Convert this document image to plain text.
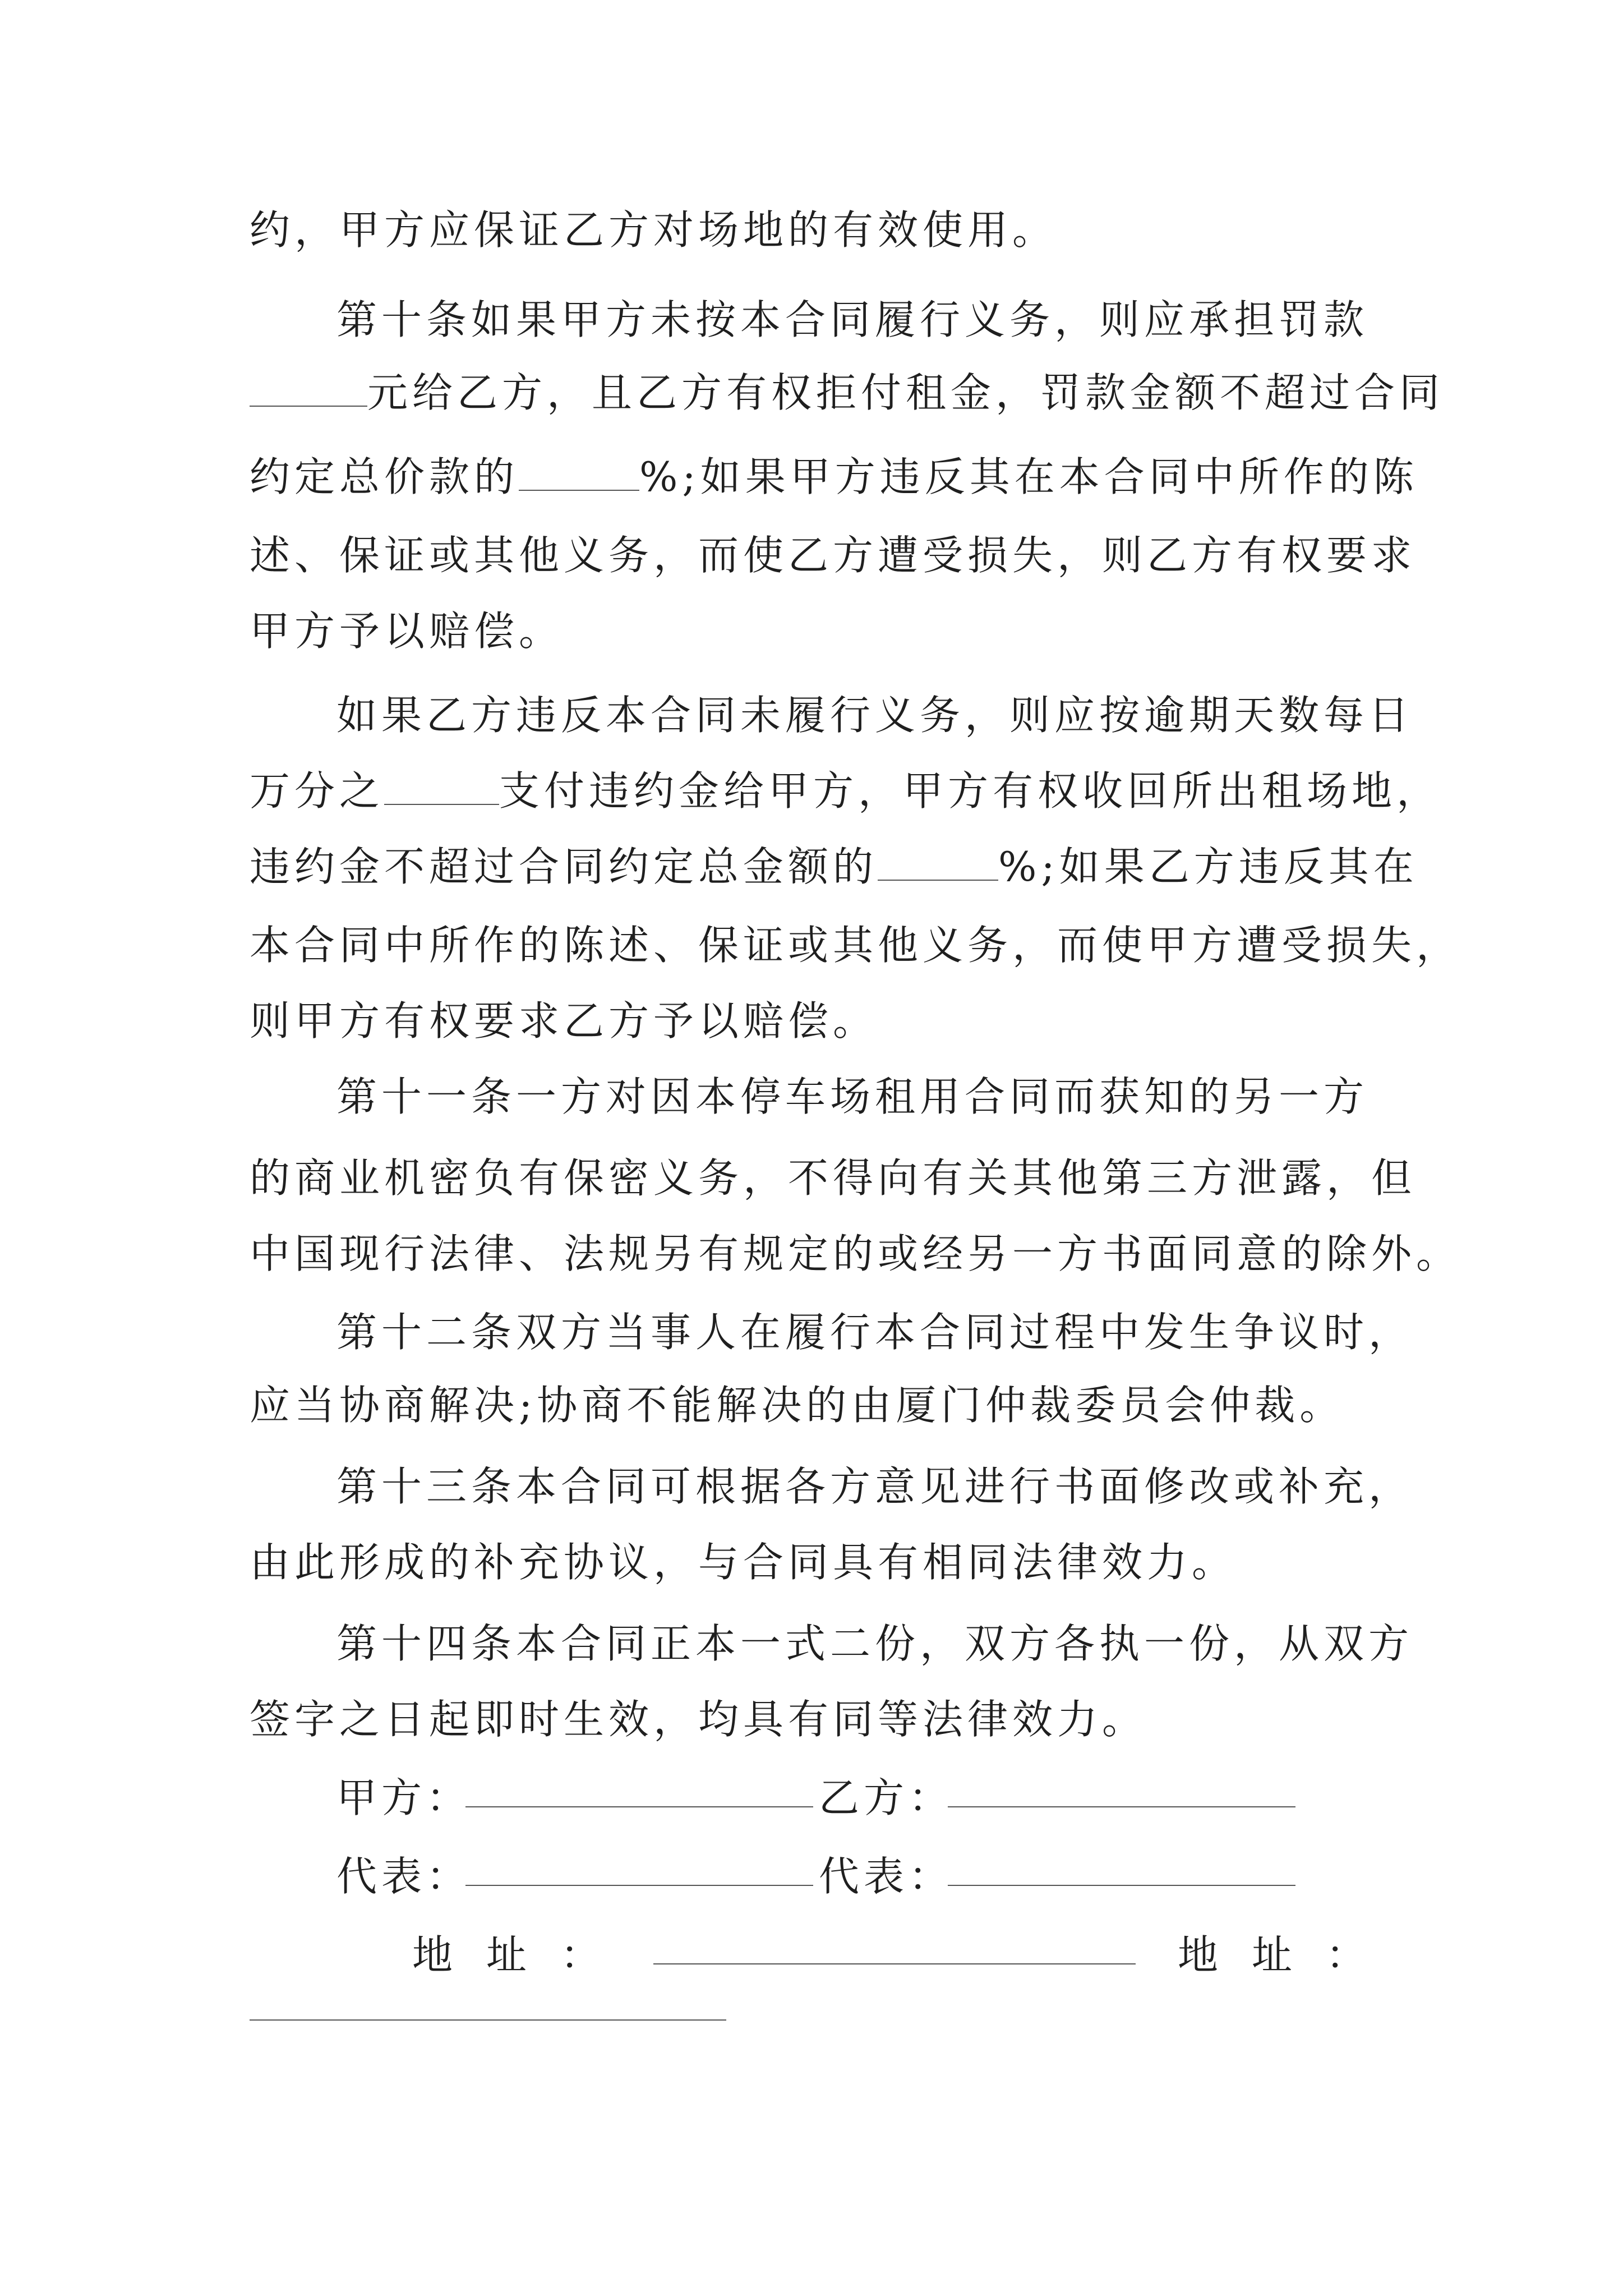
约，甲方应保证乙方对场地的有效使用。
第十条如果甲方未按本合同履行义务，则应承担罚款
元给乙方，且乙方有权拒付租金，罚款金额不超过合同
约定总价款的	%;如果甲方违反其在本合同中所作的陈
述、保证或其他义务，而使乙方遭受损失，则乙方有权要求
甲方予以赔偿。
如果乙方违反本合同未履行义务，则应按逾期天数每日
万分之	支付违约金给甲方，甲方有权收回所出租场地，
违约金不超过合同约定总金额的	%;如果乙方违反其在
本合同中所作的陈述、保证或其他义务，而使甲方遭受损失，
则甲方有权要求乙方予以赔偿。
第十一条一方对因本停车场租用合同而获知的另一方
的商业机密负有保密义务，不得向有关其他第三方泄露，但
中国现行法律、法规另有规定的或经另一方书面同意的除外。
第十二条双方当事人在履行本合同过程中发生争议时，
应当协商解决;协商不能解决的由厦门仲裁委员会仲裁。
第十三条本合同可根据各方意见进行书面修改或补充，
由此形成的补充协议，与合同具有相同法律效力。
第十四条本合同正本一式二份，双方各执一份，从双方
签字之日起即时生效，均具有同等法律效力。
甲方：	乙方：
代表：	代表：
地址：	地址：
